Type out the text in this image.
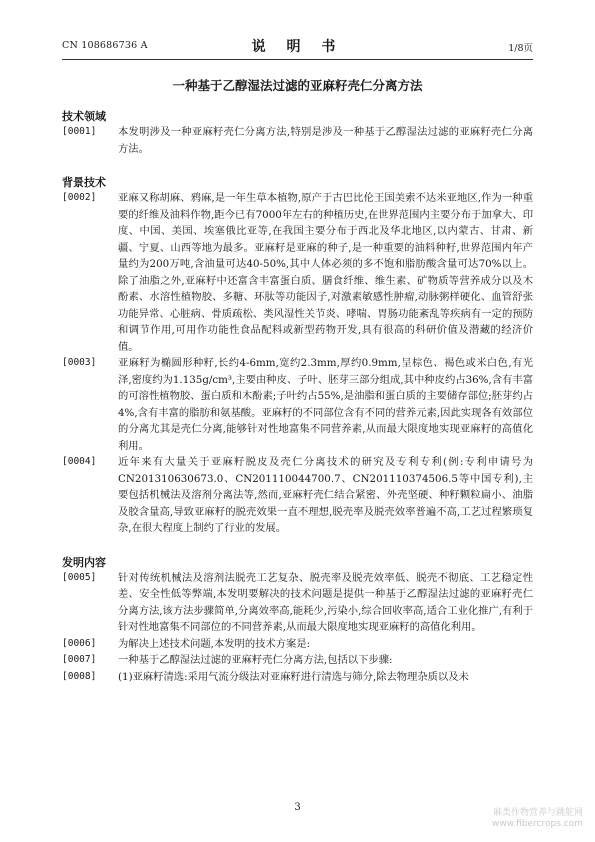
CN 108686736 A	说 明 书	1/8页
一种基于乙醇湿法过滤的亚麻籽壳仁分离方法
技术领域
[0001]	本发明涉及一种亚麻籽壳仁分离方法,特别是涉及一种基于乙醇湿法过滤的亚麻籽壳仁分离方法。
背景技术
[0002]	亚麻又称胡麻、鸦麻,是一年生草本植物,原产于古巴比伦王国美索不达米亚地区,作为一种重要的纤维及油料作物,距今已有7000年左右的种植历史,在世界范围内主要分布于加拿大、印度、中国、美国、埃塞俄比亚等,在我国主要分布于西北及华北地区,以内蒙古、甘肃、新疆、宁夏、山西等地为最多。亚麻籽是亚麻的种子,是一种重要的油料种籽,世界范围内年产量约为200万吨,含油量可达40-50%,其中人体必须的多不饱和脂肪酸含量可达70%以上。除了油脂之外,亚麻籽中还富含丰富蛋白质、膳食纤维、维生素、矿物质等营养成分以及木酚素、水溶性植物胶、多糖、环肽等功能因子,对激素敏感性肿瘤,动脉粥样硬化、血管舒张功能异常、心脏病、骨质疏松、类风湿性关节炎、哮喘、胃肠功能紊乱等疾病有一定的预防和调节作用,可用作功能性食品配料或新型药物开发,具有很高的科研价值及潜藏的经济价值。
[0003]	亚麻籽为椭圆形种籽,长约4-6mm,宽约2.3mm,厚约0.9mm,呈棕色、褐色或米白色,有光泽,密度约为1.135g/cm³,主要由种皮、子叶、胚芽三部分组成,其中种皮约占36%,含有丰富的可溶性植物胶、蛋白质和木酚素;子叶约占55%,是油脂和蛋白质的主要储存部位;胚芽约占4%,含有丰富的脂肪和氨基酸。亚麻籽的不同部位含有不同的营养元素,因此实现各有效部位的分离尤其是壳仁分离,能够针对性地富集不同营养素,从而最大限度地实现亚麻籽的高值化利用。
[0004]	近年来有大量关于亚麻籽脱皮及壳仁分离技术的研究及专利专利(例:专利申请号为CN201310630673.0、CN201110044700.7、CN201110374506.5等中国专利),主要包括机械法及溶剂分离法等,然而,亚麻籽壳仁结合紧密、外壳坚硬、种籽颗粒扁小、油脂及胶含量高,导致亚麻籽的脱壳效果一直不理想,脱壳率及脱壳效率普遍不高,工艺过程繁琐复杂,在很大程度上制约了行业的发展。
发明内容
[0005]	针对传统机械法及溶剂法脱壳工艺复杂、脱壳率及脱壳效率低、脱壳不彻底、工艺稳定性差、安全性低等弊端,本发明要解决的技术问题是提供一种基于乙醇湿法过滤的亚麻籽壳仁分离方法,该方法步骤简单,分离效率高,能耗少,污染小,综合回收率高,适合工业化推广,有利于针对性地富集不同部位的不同营养素,从而最大限度地实现亚麻籽的高值化利用。
[0006]	为解决上述技术问题,本发明的技术方案是:
[0007]	一种基于乙醇湿法过滤的亚麻籽壳仁分离方法,包括以下步骤:
[0008]	(1)亚麻籽清选:采用气流分级法对亚麻籽进行清选与筛分,除去物理杂质以及未
3	麻类作物营养与跳舵网
www.fibercrops.com
